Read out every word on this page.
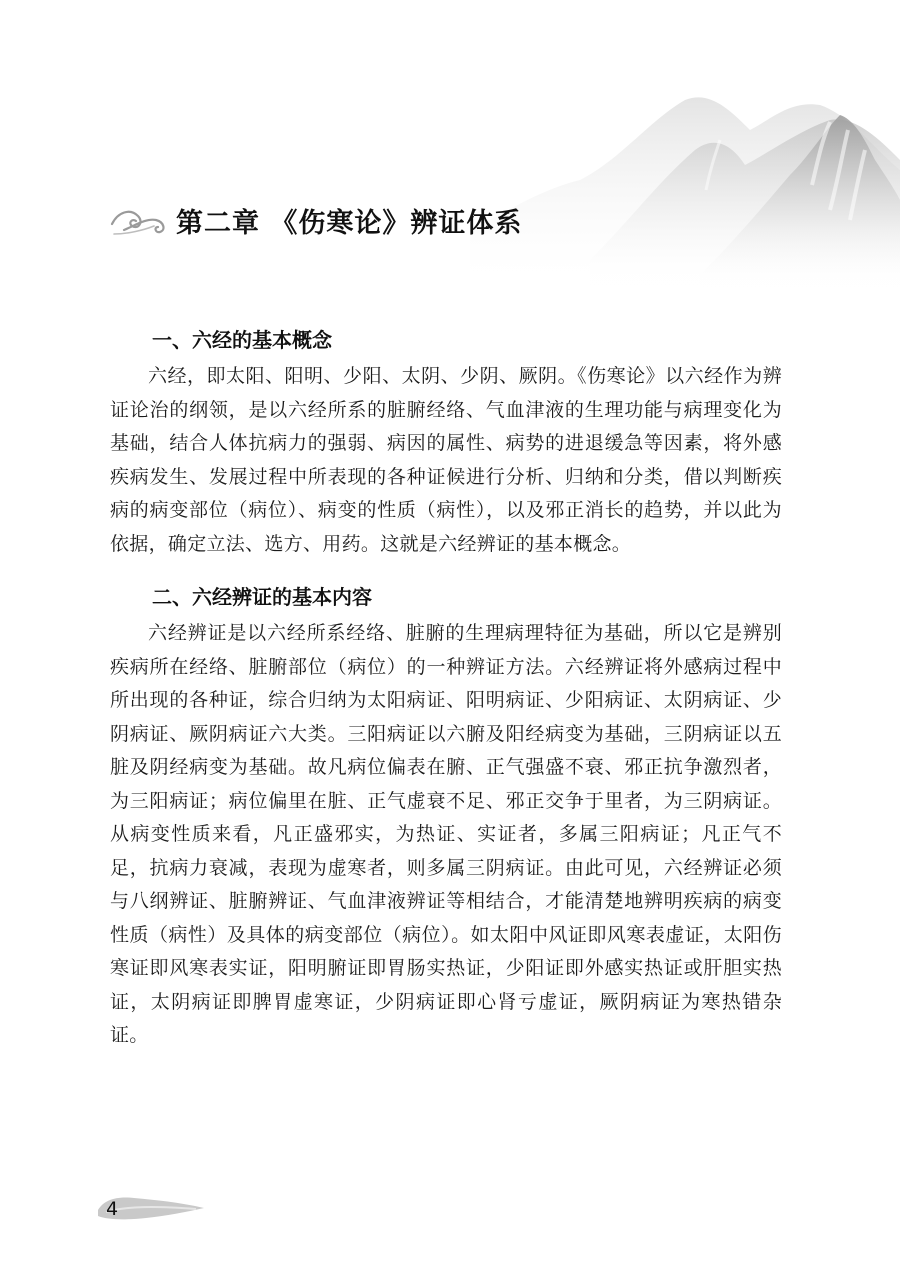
第二章 《伤寒论》辨证体系
一、六经的基本概念

六经，即太阳、阳明、少阳、太阴、少阴、厥阴。《伤寒论》以六经作为辨证论治的纲领，是以六经所系的脏腑经络、气血津液的生理功能与病理变化为基础，结合人体抗病力的强弱、病因的属性、病势的进退缓急等因素，将外感疾病发生、发展过程中所表现的各种证候进行分析、归纳和分类，借以判断疾病的病变部位（病位）、病变的性质（病性），以及邪正消长的趋势，并以此为依据，确定立法、选方、用药。这就是六经辨证的基本概念。

二、六经辨证的基本内容

六经辨证是以六经所系经络、脏腑的生理病理特征为基础，所以它是辨别疾病所在经络、脏腑部位（病位）的一种辨证方法。六经辨证将外感病过程中所出现的各种证，综合归纳为太阳病证、阳明病证、少阳病证、太阴病证、少阴病证、厥阴病证六大类。三阳病证以六腑及阳经病变为基础，三阴病证以五脏及阴经病变为基础。故凡病位偏表在腑、正气强盛不衰、邪正抗争激烈者，为三阳病证；病位偏里在脏、正气虚衰不足、邪正交争于里者，为三阴病证。从病变性质来看，凡正盛邪实，为热证、实证者，多属三阳病证；凡正气不足，抗病力衰减，表现为虚寒者，则多属三阴病证。由此可见，六经辨证必须与八纲辨证、脏腑辨证、气血津液辨证等相结合，才能清楚地辨明疾病的病变性质（病性）及具体的病变部位（病位）。如太阳中风证即风寒表虚证，太阳伤寒证即风寒表实证，阳明腑证即胃肠实热证，少阳证即外感实热证或肝胆实热证，太阴病证即脾胃虚寒证，少阴病证即心肾亏虚证，厥阴病证为寒热错杂证。

4
